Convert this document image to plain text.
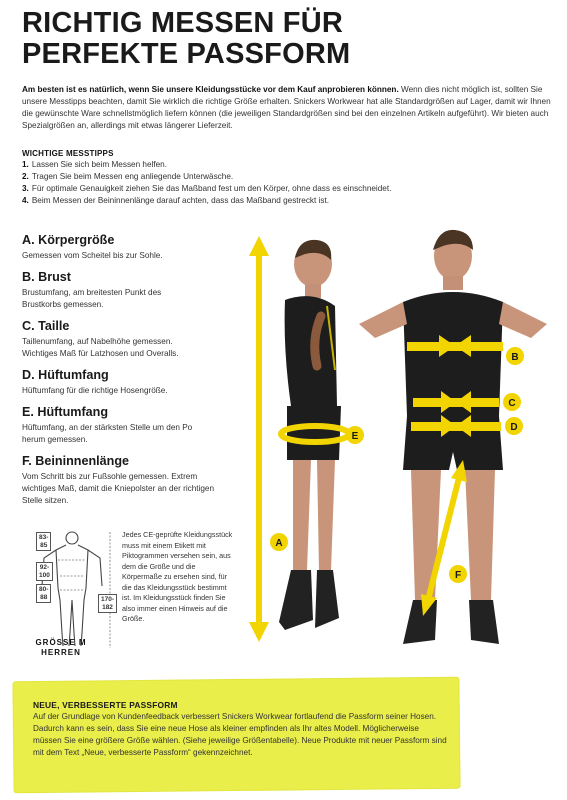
RICHTIG MESSEN FÜR
PERFEKTE PASSFORM

Am besten ist es natürlich, wenn Sie unsere Kleidungsstücke vor dem Kauf anprobieren können. Wenn dies nicht möglich ist, sollten Sie unsere Messtipps beachten, damit Sie wirklich die richtige Größe erhalten. Snickers Workwear hat alle Standardgrößen auf Lager, damit wir Ihnen die gewünschte Ware schnellstmöglich liefern können (die jeweiligen Standardgrößen sind bei den einzelnen Artikeln aufgeführt). Wir bieten auch Spezialgrößen an, allerdings mit etwas längerer Lieferzeit.

WICHTIGE MESSTIPPS
1. Lassen Sie sich beim Messen helfen.
2. Tragen Sie beim Messen eng anliegende Unterwäsche.
3. Für optimale Genauigkeit ziehen Sie das Maßband fest um den Körper, ohne dass es einschneidet.
4. Beim Messen der Beininnenlänge darauf achten, dass das Maßband gestreckt ist.
A. Körpergröße
Gemessen vom Scheitel bis zur Sohle.
B. Brust
Brustumfang, am breitesten Punkt des Brustkorbs gemessen.
C. Taille
Taillenumfang, auf Nabelhöhe gemessen. Wichtiges Maß für Latzhosen und Overalls.
D. Hüftumfang
Hüftumfang für die richtige Hosengröße.
E. Hüftumfang
Hüftumfang, an der stärksten Stelle um den Po herum gemessen.
F. Beininnenlänge
Vom Schritt bis zur Fußsohle gemessen. Extrem wichtiges Maß, damit die Kniepolster an der richtigen Stelle sitzen.
83-
85
92-
100
80-
88	170-
182
GRÖSSE M
HERREN

Jedes CE-geprüfte Kleidungsstück muss mit einem Etikett mit Piktogrammen versehen sein, aus dem die Größe und die Körpermaße zu ersehen sind, für die das Kleidungsstück bestimmt ist. Im Kleidungsstück finden Sie also immer einen Hinweis auf die Größe.

A
B
C
D
E
F
NEUE, VERBESSERTE PASSFORM

Auf der Grundlage von Kundenfeedback verbessert Snickers Workwear fortlaufend die Passform seiner Hosen. Dadurch kann es sein, dass Sie eine neue Hose als kleiner empfinden als Ihr altes Modell. Möglicherweise müssen Sie eine größere Größe wählen. (Siehe jeweilige Größentabelle). Neue Produkte mit neuer Passform sind mit dem Text „Neue, verbesserte Passform“ gekennzeichnet.
